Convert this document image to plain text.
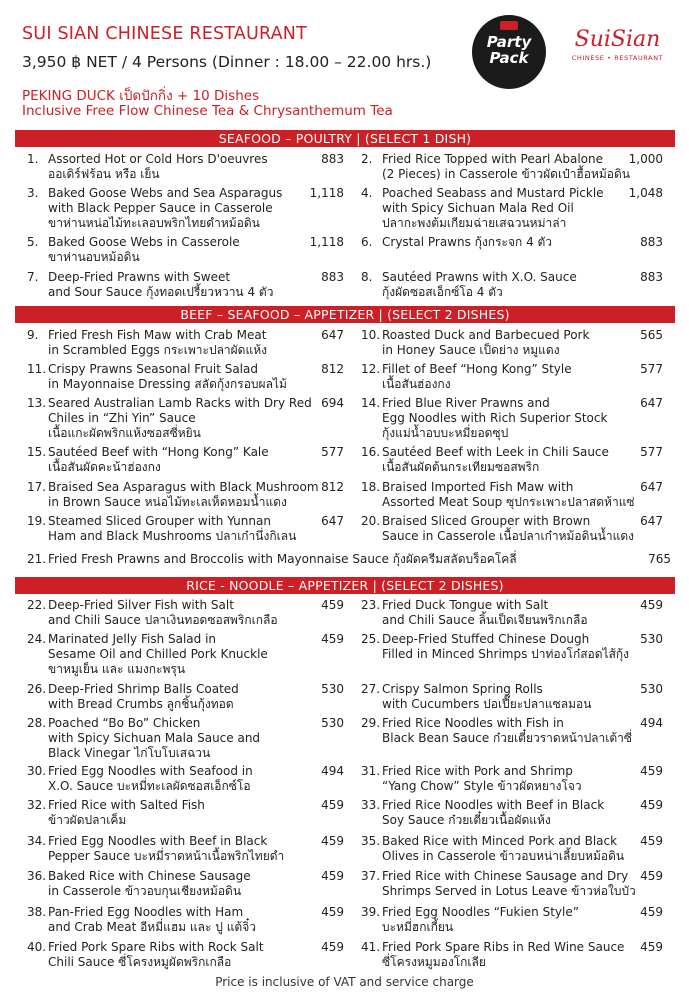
SUI SIAN CHINESE RESTAURANT
3,950 ฿ NET / 4 Persons (Dinner : 18.00 – 22.00 hrs.)
PEKING DUCK เป็ดปักกิ่ง + 10 Dishes
Inclusive Free Flow Chinese Tea & Chrysanthemum Tea
Party
Pack
SuiSian
CHINESE • RESTAURANT
SEAFOOD – POULTRY | (SELECT 1 DISH)
1. Assorted Hot or Cold Hors D'oeuvres
ออเดิร์ฟร้อน หรือ เย็น
883 2. Fried Rice Topped with Pearl Abalone
(2 Pieces) in Casserole ข้าวผัดเป๋าฮื้อหม้อดิน
1,000
3. Baked Goose Webs and Sea Asparagus
with Black Pepper Sauce in Casserole
ขาห่านหน่อไม้ทะเลอบพริกไทยดำหม้อดิน
1,118 4. Poached Seabass and Mustard Pickle
with Spicy Sichuan Mala Red Oil
ปลากะพงต้มเกียมฉ่ายเสฉวนหม่าล่า
1,048
5. Baked Goose Webs in Casserole
ขาห่านอบหม้อดิน
1,118 6. Crystal Prawns กุ้งกระจก 4 ตัว	883
7. Deep-Fried Prawns with Sweet
and Sour Sauce กุ้งทอดเปรี้ยวหวาน 4 ตัว
883 8. Sautéed Prawns with X.O. Sauce
กุ้งผัดซอสเอ็กซ์โอ 4 ตัว
883
BEEF – SEAFOOD – APPETIZER | (SELECT 2 DISHES)
9. Fried Fresh Fish Maw with Crab Meat
in Scrambled Eggs กระเพาะปลาผัดแห้ง
647 10. Roasted Duck and Barbecued Pork
in Honey Sauce เป็ดย่าง หมูแดง
565
11. Crispy Prawns Seasonal Fruit Salad
in Mayonnaise Dressing สลัดกุ้งกรอบผลไม้
812 12. Fillet of Beef “Hong Kong” Style
เนื้อสันฮ่องกง
577
13. Seared Australian Lamb Racks with Dry Red
Chiles in “Zhi Yin” Sauce
เนื้อแกะผัดพริกแห้งซอสซี่หยิน
694 14. Fried Blue River Prawns and
Egg Noodles with Rich Superior Stock
กุ้งแม่น้ำอบบะหมี่ยอดซุป
647
15. Sautéed Beef with “Hong Kong” Kale
เนื้อสันผัดคะน้าฮ่องกง
577 16. Sautéed Beef with Leek in Chili Sauce
เนื้อสันผัดต้นกระเทียมซอสพริก
577
17. Braised Sea Asparagus with Black Mushroom
in Brown Sauce หน่อไม้ทะเลเห็ดหอมน้ำแดง
812 18. Braised Imported Fish Maw with
Assorted Meat Soup ซุปกระเพาะปลาสดห้าแซ่
647
19. Steamed Sliced Grouper with Yunnan
Ham and Black Mushrooms ปลาเก๋านึ่งกิเลน
647 20. Braised Sliced Grouper with Brown
Sauce in Casserole เนื้อปลาเก๋าหม้อดินน้ำแดง
647
21. Fried Fresh Prawns and Broccolis with Mayonnaise Sauce กุ้งผัดครีมสลัดบร็อคโคลี่	765
RICE - NOODLE – APPETIZER | (SELECT 2 DISHES)
22. Deep-Fried Silver Fish with Salt
and Chili Sauce ปลาเงินทอดซอสพริกเกลือ
459 23. Fried Duck Tongue with Salt
and Chili Sauce ลิ้นเป็ดเจียนพริกเกลือ
459
24. Marinated Jelly Fish Salad in
Sesame Oil and Chilled Pork Knuckle
ขาหมูเย็น และ แมงกะพรุน
459 25. Deep-Fried Stuffed Chinese Dough
Filled in Minced Shrimps ปาท่องโก๋สอดไส้กุ้ง
530
26. Deep-Fried Shrimp Balls Coated
with Bread Crumbs ลูกชิ้นกุ้งทอด
530 27. Crispy Salmon Spring Rolls
with Cucumbers ปอเปี๊ยะปลาแซลมอน
530
28. Poached “Bo Bo” Chicken
with Spicy Sichuan Mala Sauce and
Black Vinegar ไก่โบโบเสฉวน
530 29. Fried Rice Noodles with Fish in
Black Bean Sauce ก๋วยเตี๋ยวราดหน้าปลาเต้าซี่
494
30. Fried Egg Noodles with Seafood in
X.O. Sauce บะหมี่ทะเลผัดซอสเอ็กซ์โอ
494 31. Fried Rice with Pork and Shrimp
“Yang Chow” Style ข้าวผัดหยางโจว
459
32. Fried Rice with Salted Fish
ข้าวผัดปลาเค็ม
459 33. Fried Rice Noodles with Beef in Black
Soy Sauce ก๋วยเตี๋ยวเนื้อผัดแห้ง
459
34. Fried Egg Noodles with Beef in Black
Pepper Sauce บะหมี่ราดหน้าเนื้อพริกไทยดำ
459 35. Baked Rice with Minced Pork and Black
Olives in Casserole ข้าวอบหน่าเลี้ยบหม้อดิน
459
36. Baked Rice with Chinese Sausage
in Casserole ข้าวอบกุนเชียงหม้อดิน
459 37. Fried Rice with Chinese Sausage and Dry
Shrimps Served in Lotus Leave ข้าวห่อใบบัว
459
38. Pan-Fried Egg Noodles with Ham
and Crab Meat อีหมี่แฮม และ ปู แต้จิ๋ว
459 39. Fried Egg Noodles “Fukien Style”
บะหมี่ฮกเกี้ยน
459
40. Fried Pork Spare Ribs with Rock Salt
Chili Sauce ซี่โครงหมูผัดพริกเกลือ
459 41. Fried Pork Spare Ribs in Red Wine Sauce
ซี่โครงหมูมองโกเลีย
459
Price is inclusive of VAT and service charge
